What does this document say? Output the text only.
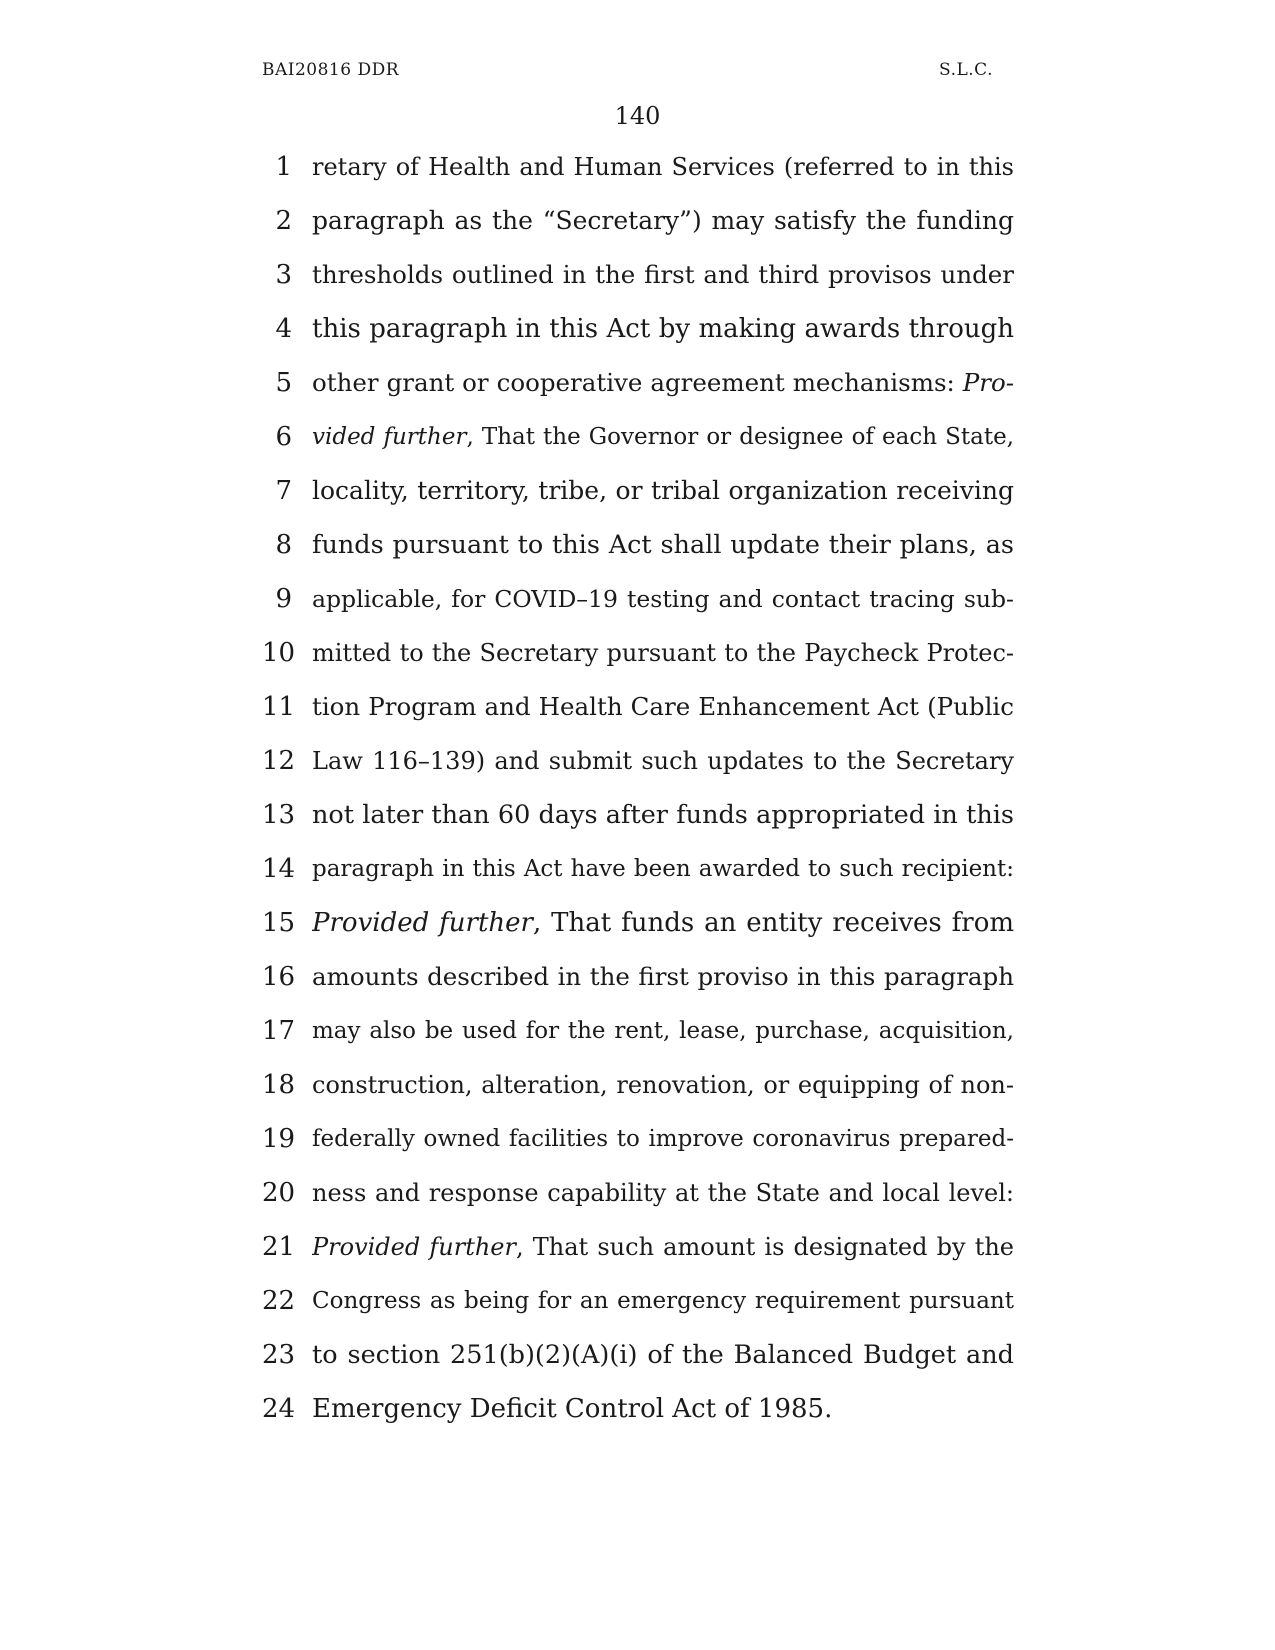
BAI20816 DDR	S.L.C.
140
1 retary of Health and Human Services (referred to in this
2 paragraph as the “Secretary”) may satisfy the funding
3 thresholds outlined in the first and third provisos under
4 this paragraph in this Act by making awards through
5 other grant or cooperative agreement mechanisms: Pro-
6 vided further, That the Governor or designee of each State,
7 locality, territory, tribe, or tribal organization receiving
8 funds pursuant to this Act shall update their plans, as
9 applicable, for COVID–19 testing and contact tracing sub-
10 mitted to the Secretary pursuant to the Paycheck Protec-
11 tion Program and Health Care Enhancement Act (Public
12 Law 116–139) and submit such updates to the Secretary
13 not later than 60 days after funds appropriated in this
14 paragraph in this Act have been awarded to such recipient:
15 Provided further, That funds an entity receives from
16 amounts described in the first proviso in this paragraph
17 may also be used for the rent, lease, purchase, acquisition,
18 construction, alteration, renovation, or equipping of non-
19 federally owned facilities to improve coronavirus prepared-
20 ness and response capability at the State and local level:
21 Provided further, That such amount is designated by the
22 Congress as being for an emergency requirement pursuant
23 to section 251(b)(2)(A)(i) of the Balanced Budget and
24 Emergency Deficit Control Act of 1985.
